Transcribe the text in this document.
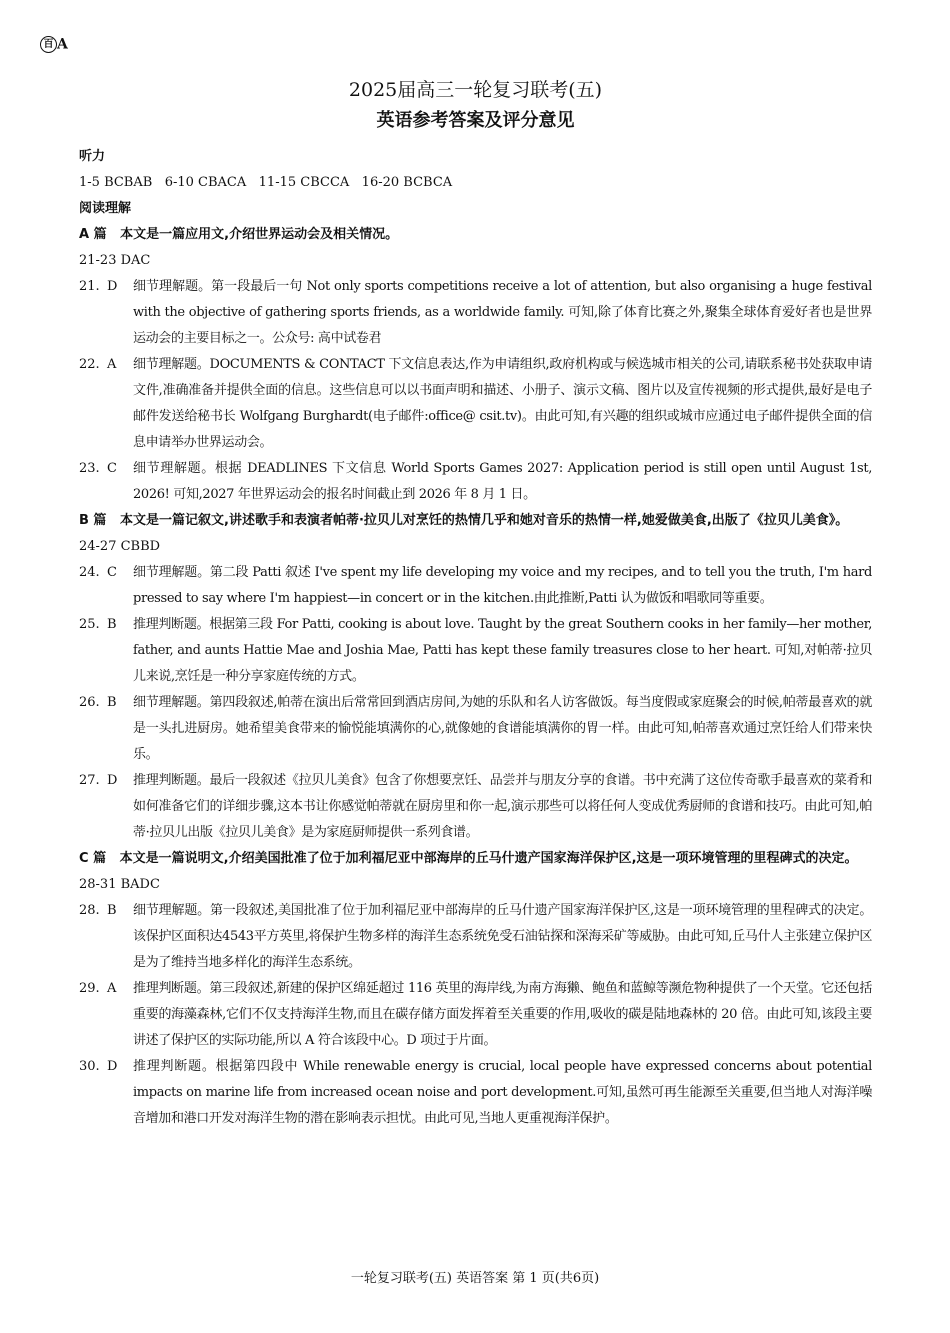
百 A

2025届高三一轮复习联考(五)

英语参考答案及评分意见

听力

1-5 BCBAB   6-10 CBACA   11-15 CBCCA   16-20 BCBCA

阅读理解

A 篇 本文是一篇应用文,介绍世界运动会及相关情况。

21-23 DAC

21. D	细节理解题。第一段最后一句 Not only sports competitions receive a lot of attention, but also organising a huge festival with the objective of gathering sports friends, as a worldwide family. 可知,除了体育比赛之外,聚集全球体育爱好者也是世界运动会的主要目标之一。公众号: 高中试卷君
22. A	细节理解题。DOCUMENTS & CONTACT 下文信息表达,作为申请组织,政府机构或与候选城市相关的公司,请联系秘书处获取申请文件,准确准备并提供全面的信息。这些信息可以以书面声明和描述、小册子、演示文稿、图片以及宣传视频的形式提供,最好是电子邮件发送给秘书长 Wolfgang Burghardt(电子邮件:office@ csit.tv)。由此可知,有兴趣的组织或城市应通过电子邮件提供全面的信息申请举办世界运动会。
23. C	细节理解题。根据 DEADLINES 下文信息 World Sports Games 2027: Application period is still open until August 1st, 2026! 可知,2027 年世界运动会的报名时间截止到 2026 年 8 月 1 日。

B 篇 本文是一篇记叙文,讲述歌手和表演者帕蒂·拉贝儿对烹饪的热情几乎和她对音乐的热情一样,她爱做美食,出版了《拉贝儿美食》。

24-27 CBBD

24. C	细节理解题。第二段 Patti 叙述 I've spent my life developing my voice and my recipes, and to tell you the truth, I'm hard pressed to say where I'm happiest—in concert or in the kitchen.由此推断,Patti 认为做饭和唱歌同等重要。
25. B	推理判断题。根据第三段 For Patti, cooking is about love. Taught by the great Southern cooks in her family—her mother, father, and aunts Hattie Mae and Joshia Mae, Patti has kept these family treasures close to her heart. 可知,对帕蒂·拉贝儿来说,烹饪是一种分享家庭传统的方式。
26. B	细节理解题。第四段叙述,帕蒂在演出后常常回到酒店房间,为她的乐队和名人访客做饭。每当度假或家庭聚会的时候,帕蒂最喜欢的就是一头扎进厨房。她希望美食带来的愉悦能填满你的心,就像她的食谱能填满你的胃一样。由此可知,帕蒂喜欢通过烹饪给人们带来快乐。
27. D	推理判断题。最后一段叙述《拉贝儿美食》包含了你想要烹饪、品尝并与朋友分享的食谱。书中充满了这位传奇歌手最喜欢的菜肴和如何准备它们的详细步骤,这本书让你感觉帕蒂就在厨房里和你一起,演示那些可以将任何人变成优秀厨师的食谱和技巧。由此可知,帕蒂·拉贝儿出版《拉贝儿美食》是为家庭厨师提供一系列食谱。

C 篇 本文是一篇说明文,介绍美国批准了位于加利福尼亚中部海岸的丘马什遗产国家海洋保护区,这是一项环境管理的里程碑式的决定。

28-31 BADC

28. B	细节理解题。第一段叙述,美国批准了位于加利福尼亚中部海岸的丘马什遗产国家海洋保护区,这是一项环境管理的里程碑式的决定。该保护区面积达4543平方英里,将保护生物多样的海洋生态系统免受石油钻探和深海采矿等威胁。由此可知,丘马什人主张建立保护区是为了维持当地多样化的海洋生态系统。
29. A	推理判断题。第三段叙述,新建的保护区绵延超过 116 英里的海岸线,为南方海獭、鲍鱼和蓝鲸等濒危物种提供了一个天堂。它还包括重要的海藻森林,它们不仅支持海洋生物,而且在碳存储方面发挥着至关重要的作用,吸收的碳是陆地森林的 20 倍。由此可知,该段主要讲述了保护区的实际功能,所以 A 符合该段中心。D 项过于片面。
30. D	推理判断题。根据第四段中 While renewable energy is crucial, local people have expressed concerns about potential impacts on marine life from increased ocean noise and port development.可知,虽然可再生能源至关重要,但当地人对海洋噪音增加和港口开发对海洋生物的潜在影响表示担忧。由此可见,当地人更重视海洋保护。
一轮复习联考(五) 英语答案 第 1 页(共6页)
